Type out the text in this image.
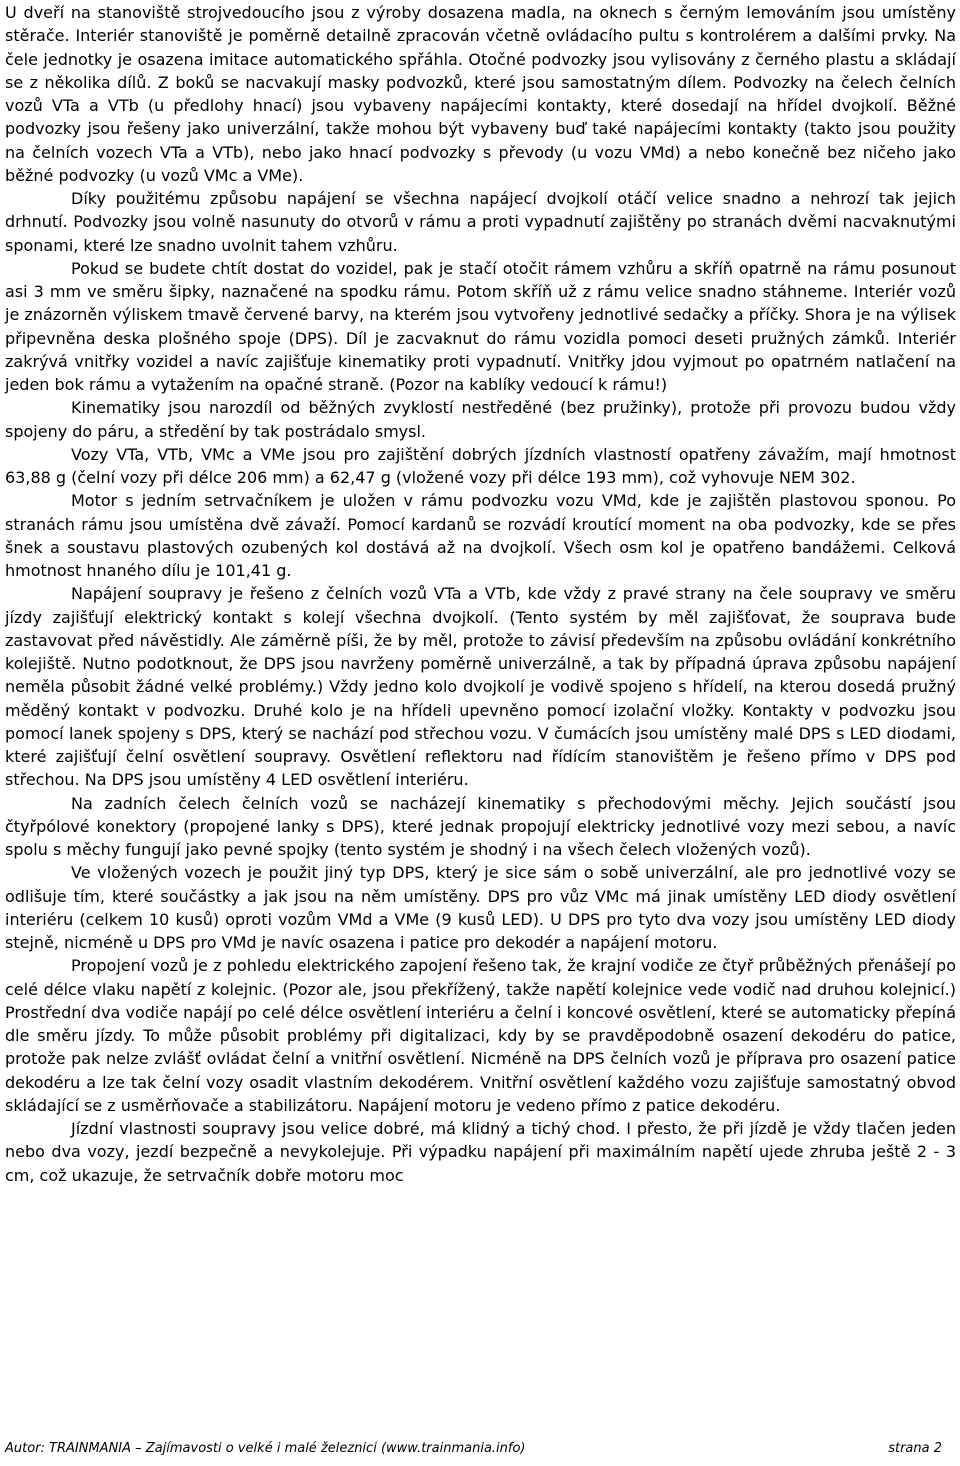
U dveří na stanoviště strojvedoucího jsou z výroby dosazena madla, na oknech s černým lemováním jsou umístěny stěrače. Interiér stanoviště je poměrně detailně zpracován včetně ovládacího pultu s kontrolérem a dalšími prvky. Na čele jednotky je osazena imitace automatického spřáhla. Otočné podvozky jsou vylisovány z černého plastu a skládají se z několika dílů. Z boků se nacvakují masky podvozků, které jsou samostatným dílem. Podvozky na čelech čelních vozů VTa a VTb (u předlohy hnací) jsou vybaveny napájecími kontakty, které dosedají na hřídel dvojkolí. Běžné podvozky jsou řešeny jako univerzální, takže mohou být vybaveny buď také napájecími kontakty (takto jsou použity na čelních vozech VTa a VTb), nebo jako hnací podvozky s převody (u vozu VMd) a nebo konečně bez ničeho jako běžné podvozky (u vozů VMc a VMe).

Díky použitému způsobu napájení se všechna napájecí dvojkolí otáčí velice snadno a nehrozí tak jejich drhnutí. Podvozky jsou volně nasunuty do otvorů v rámu a proti vypadnutí zajištěny po stranách dvěmi nacvaknutými sponami, které lze snadno uvolnit tahem vzhůru.

Pokud se budete chtít dostat do vozidel, pak je stačí otočit rámem vzhůru a skříň opatrně na rámu posunout asi 3 mm ve směru šipky, naznačené na spodku rámu. Potom skříň už z rámu velice snadno stáhneme. Interiér vozů je znázorněn výliskem tmavě červené barvy, na kterém jsou vytvořeny jednotlivé sedačky a příčky. Shora je na výlisek připevněna deska plošného spoje (DPS). Díl je zacvaknut do rámu vozidla pomoci deseti pružných zámků. Interiér zakrývá vnitřky vozidel a navíc zajišťuje kinematiky proti vypadnutí. Vnitřky jdou vyjmout po opatrném natlačení na jeden bok rámu a vytažením na opačné straně. (Pozor na kablíky vedoucí k rámu!)

Kinematiky jsou narozdíl od běžných zvyklostí nestředěné (bez pružinky), protože při provozu budou vždy spojeny do páru, a středění by tak postrádalo smysl.

Vozy VTa, VTb, VMc a VMe jsou pro zajištění dobrých jízdních vlastností opatřeny závažím, mají hmotnost 63,88 g (čelní vozy při délce 206 mm) a 62,47 g (vložené vozy při délce 193 mm), což vyhovuje NEM 302.

Motor s jedním setrvačníkem je uložen v rámu podvozku vozu VMd, kde je zajištěn plastovou sponou. Po stranách rámu jsou umístěna dvě závaží. Pomocí kardanů se rozvádí kroutící moment na oba podvozky, kde se přes šnek a soustavu plastových ozubených kol dostává až na dvojkolí. Všech osm kol je opatřeno bandážemi. Celková hmotnost hnaného dílu je 101,41 g.

Napájení soupravy je řešeno z čelních vozů VTa a VTb, kde vždy z pravé strany na čele soupravy ve směru jízdy zajišťují elektrický kontakt s kolejí všechna dvojkolí. (Tento systém by měl zajišťovat, že souprava bude zastavovat před návěstidly. Ale záměrně píši, že by měl, protože to závisí především na způsobu ovládání konkrétního kolejiště. Nutno podotknout, že DPS jsou navrženy poměrně univerzálně, a tak by případná úprava způsobu napájení neměla působit žádné velké problémy.) Vždy jedno kolo dvojkolí je vodivě spojeno s hřídelí, na kterou dosedá pružný měděný kontakt v podvozku. Druhé kolo je na hřídeli upevněno pomocí izolační vložky. Kontakty v podvozku jsou pomocí lanek spojeny s DPS, který se nachází pod střechou vozu. V čumácích jsou umístěny malé DPS s LED diodami, které zajišťují čelní osvětlení soupravy. Osvětlení reflektoru nad řídícím stanovištěm je řešeno přímo v DPS pod střechou. Na DPS jsou umístěny 4 LED osvětlení interiéru.

Na zadních čelech čelních vozů se nacházejí kinematiky s přechodovými měchy. Jejich součástí jsou čtyřpólové konektory (propojené lanky s DPS), které jednak propojují elektricky jednotlivé vozy mezi sebou, a navíc spolu s měchy fungují jako pevné spojky (tento systém je shodný i na všech čelech vložených vozů).

Ve vložených vozech je použit jiný typ DPS, který je sice sám o sobě univerzální, ale pro jednotlivé vozy se odlišuje tím, které součástky a jak jsou na něm umístěny. DPS pro vůz VMc má jinak umístěny LED diody osvětlení interiéru (celkem 10 kusů) oproti vozům VMd a VMe (9 kusů LED). U DPS pro tyto dva vozy jsou umístěny LED diody stejně, nicméně u DPS pro VMd je navíc osazena i patice pro dekodér a napájení motoru.

Propojení vozů je z pohledu elektrického zapojení řešeno tak, že krajní vodiče ze čtyř průběžných přenášejí po celé délce vlaku napětí z kolejnic. (Pozor ale, jsou překřížený, takže napětí kolejnice vede vodič nad druhou kolejnicí.) Prostřední dva vodiče napájí po celé délce osvětlení interiéru a čelní i koncové osvětlení, které se automaticky přepíná dle směru jízdy. To může působit problémy při digitalizaci, kdy by se pravděpodobně osazení dekodéru do patice, protože pak nelze zvlášť ovládat čelní a vnitřní osvětlení. Nicméně na DPS čelních vozů je příprava pro osazení patice dekodéru a lze tak čelní vozy osadit vlastním dekodérem. Vnitřní osvětlení každého vozu zajišťuje samostatný obvod skládající se z usměrňovače a stabilizátoru. Napájení motoru je vedeno přímo z patice dekodéru.

Jízdní vlastnosti soupravy jsou velice dobré, má klidný a tichý chod. I přesto, že při jízdě je vždy tlačen jeden nebo dva vozy, jezdí bezpečně a nevykolejuje. Při výpadku napájení při maximálním napětí ujede zhruba ještě 2 - 3 cm, což ukazuje, že setrvačník dobře motoru moc

Autor: TRAINMANIA – Zajímavosti o velké i malé železnici (www.trainmania.info)	strana 2
